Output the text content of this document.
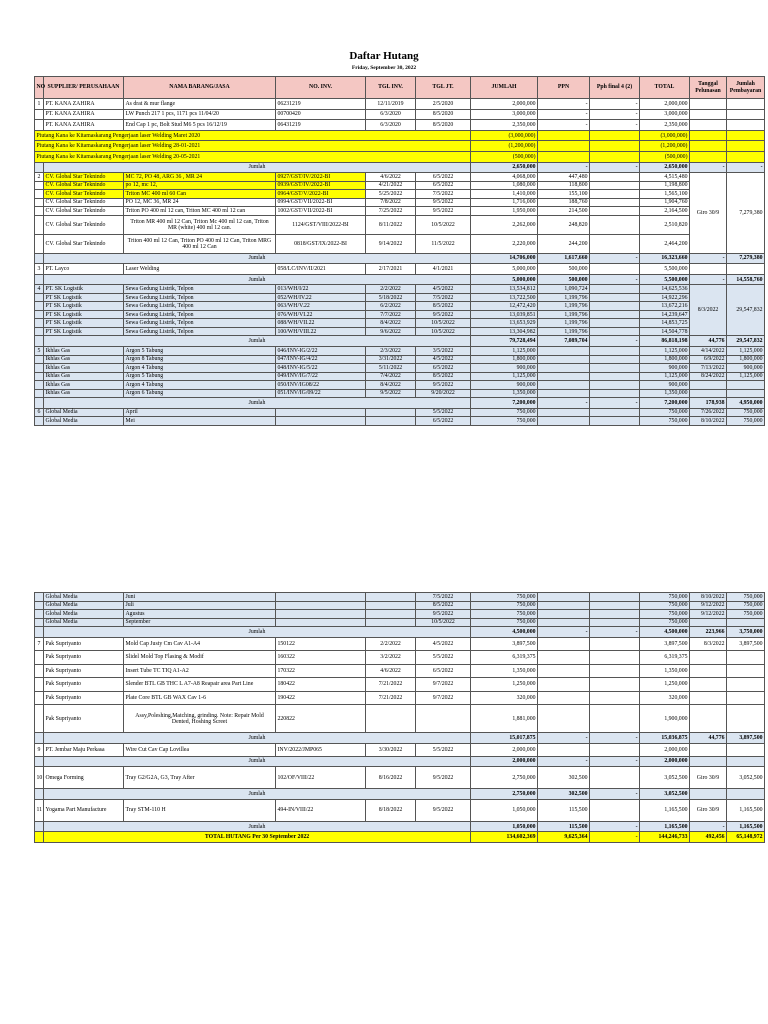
Daftar Hutang
Friday, September 30, 2022
NO	SUPPLIER/ PERUSAHAAN	NAMA BARANG/JASA	NO. INV.	TGL INV.	TGL JT.	JUMLAH	PPN	Pph final 4 (2)	TOTAL	Tanggal Pelunasan	Jumlah Pembayaran
1	PT. KANA ZAHIRA	As drat & mur flange	06231219	12/11/2019	2/5/2020	2,000,000	-	-	2,000,000		
	PT. KANA ZAHIRA	LW Punch 217 1 pcs, 1171 pcs 11/04/20	00700420	6/3/2020	8/5/2020	3,000,000	-	-	3,000,000		
	PT. KANA ZAHIRA	End Cap 1 pc, Bolt Stud M6 5 pcs 16/12/19	06431219	6/3/2020	8/5/2020	2,350,000	-	-	2,350,000		
Piutang Kana ke Kitamaskarang Pengerjaan laser Welding Maret 2020						(3,000,000)			(3,000,000)		
Piutang Kana ke Kitamaskarang Pengerjaan laser Welding 28-01-2021						(1,200,000)			(1,200,000)		
Piutang Kana ke Kitamaskarang Pengerjaan laser Welding 20-05-2021						(500,000)			(500,000)		
	Jumlah					2,650,000	-	-	2,650,000	-	-
2	CV. Global Star Teknindo	MC 72, PO 48, ARG 36 , MR 24	0927/GST/IV/2022-BI	4/6/2022	6/5/2022	4,068,000	447,480		4,515,480	Giro 30/9	7,279,380
	CV. Global Star Teknindo	po 12, mc 12,	0939/GST/IV/2022-BI	4/21/2022	6/5/2022	1,080,000	118,800		1,198,800		
	CV. Global Star Teknindo	Triton MC 400 ml 60 Can	0964/GST/V/2022-BI	5/25/2022	7/5/2022	1,410,000	155,100		1,565,100		
	CV. Global Star Teknindo	PO 12, MC 36, MR 24	0994/GST/VII/2022-BI	7/8/2022	9/5/2022	1,716,000	188,760		1,904,760		
	CV. Global Star Teknindo	Triton PO 400 ml 12 can, Triton MC 400 ml 12 can	1002/GST/VII/2022-BI	7/25/2022	9/5/2022	1,950,000	214,500		2,164,500		
	CV. Global Star Teknindo	Triton MR 400 ml 12 Can, Triton Mc 400 ml 12 can, Triton MR (white) 400 ml 12 can.	1124/GST/VIII/2022-BI	8/11/2022	10/5/2022	2,262,000	248,820		2,510,820		
	CV. Global Star Teknindo	Triton 400 ml 12 Can, Triton PO 400 ml 12 Can, Triton MRG 400 ml 12 Can	0818/GST/IX/2022-BI	9/14/2022	11/5/2022	2,220,000	244,200		2,464,200		
	Jumlah					14,706,000	1,617,660	-	16,323,660	-	7,279,380
3	PT. Layco	Laser Welding	058/LC/INV/II/2021	2/17/2021	4/1/2021	5,000,000	500,000		5,500,000		
	Jumlah					5,000,000	500,000	-	5,500,000	-	14,558,760
4	PT. SK Logistik	Sewa Gedung Listrik, Telpon	013/WH/I/22	2/2/2022	4/5/2022	13,534,812	1,090,724		14,625,536	8/3/2022	29,547,832
	PT SK Logistik	Sewa Gedung Listrik, Telpon	052/WH/IV.22	5/18/2022	7/5/2022	13,722,500	1,199,796		14,922,296		
	PT SK Logistik	Sewa Gedung Listrik, Telpon	063/WH/V.22	6/2/2022	8/5/2022	12,472,420	1,199,796		13,672,216		
	PT SK Logistik	Sewa Gedung Listrik, Telpon	076/WH/VI.22	7/7/2022	9/5/2022	13,039,851	1,199,796		14,239,647		
	PT SK Logistik	Sewa Gedung Listrik, Telpon	088/WH/VII.22	8/4/2022	10/5/2022	13,653,929	1,199,796		14,853,725		
	PT SK Logistik	Sewa Gedung Listrik, Telpon	100/WH/VIII.22	9/6/2022	10/5/2022	13,304,982	1,199,796		14,504,778		
	Jumlah					79,728,494	7,089,704	-	86,818,198	44,776	29,547,832
5	Ikhlas Gas	Argon 5 Tabung	046/INV-IG/2/22	2/3/2022	3/5/2022	1,125,000			1,125,000	4/14/2022	1,125,000
	Ikhlas Gas	Argon 8 Tabung	047/INV-IG/4/22	3/31/2022	4/5/2022	1,800,000			1,800,000	6/9/2022	1,800,000
	Ikhlas Gas	Argon 4 Tabung	048/INV-IG/5/22	5/11/2022	6/5/2022	900,000			900,000	7/13/2022	900,000
	Ikhlas Gas	Argon 5 Tabung	049/INV/IG/7/22	7/4/2022	8/5/2022	1,125,000			1,125,000	8/24/2022	1,125,000
	Ikhlas Gas	Argon 4 Tabung	050/INV/IG08/22	8/4/2022	9/5/2022	900,000			900,000		
	Ikhlas Gas	Argon 6 Tabung	051/INV/IG/09/22	9/5/2022	9/20/2022	1,350,000			1,350,000		
	Jumlah					7,200,000	-	-	7,200,000	178,938	4,950,000
6	Global Media	April			5/5/2022	750,000			750,000	7/26/2022	750,000
	Global Media	Mei			6/5/2022	750,000			750,000	8/10/2022	750,000
	Global Media	Juni			7/5/2022	750,000			750,000	8/10/2022	750,000
	Global Media	Juli			8/5/2022	750,000			750,000	9/12/2022	750,000
	Global Media	Agustus			9/5/2022	750,000			750,000	9/12/2022	750,000
	Global Media	September			10/5/2022	750,000			750,000		
	Jumlah					4,500,000	-	-	4,500,000	223,966	3,750,000
7	Pak Supriyanto	Mold Cap Justy Cm Cav A1-A4	150122	2/2/2022	4/5/2022	3,897,500			3,897,500	8/3/2022	3,897,500
	Pak Supriyanto	Slidel Mold Top Flasing & Modif	160322	3/2/2022	5/5/2022	6,319,375			6,319,375		
	Pak Supriyanto	Insert Tube TC TIQ A1-A2	170322	4/6/2022	6/5/2022	1,350,000			1,350,000		
	Pak Supriyanto	Slender BTL GB THC L A7-A8 Reapair area Part Line	180422	7/21/2022	9/7/2022	1,250,000			1,250,000		
	Pak Supriyanto	Plate Core BTL GB WAX Cav 1-6	190422	7/21/2022	9/7/2022	320,000			320,000		
	Pak Supriyanto	Assy,Poleshing,Matching, grinding. Note: Repair Mold Dented, Hoshing Screet	220822			1,881,000			1,900,000		
	Jumlah					15,017,875	-	-	15,036,875	44,776	3,897,500
9	PT. Jembar Maju Perkasa	Wire Cut Cav Cap Lovillea	INV/2022/JMP065	3/30/2022	5/5/2022	2,000,000			2,000,000		
	Jumlah					2,000,000	-	-	2,000,000		
10	Omega Forming	Tray G2/G2A, G3, Tray After	102/OF/VIII/22	8/16/2022	9/5/2022	2,750,000	302,500		3,052,500	Giro 30/9	3,052,500
	Jumlah					2,750,000	302,500	-	3,052,500		
11	Yogama Part Manufacture	Tray STM-110 H	494-IN/VIII/22	8/18/2022	9/5/2022	1,050,000	115,500		1,165,500	Giro 30/9	1,165,500
	Jumlah					1,050,000	115,500	-	1,165,500	-	1,165,500
	TOTAL HUTANG Per 30 September 2022					134,602,369	9,625,364	-	144,246,733	492,456	65,148,972
